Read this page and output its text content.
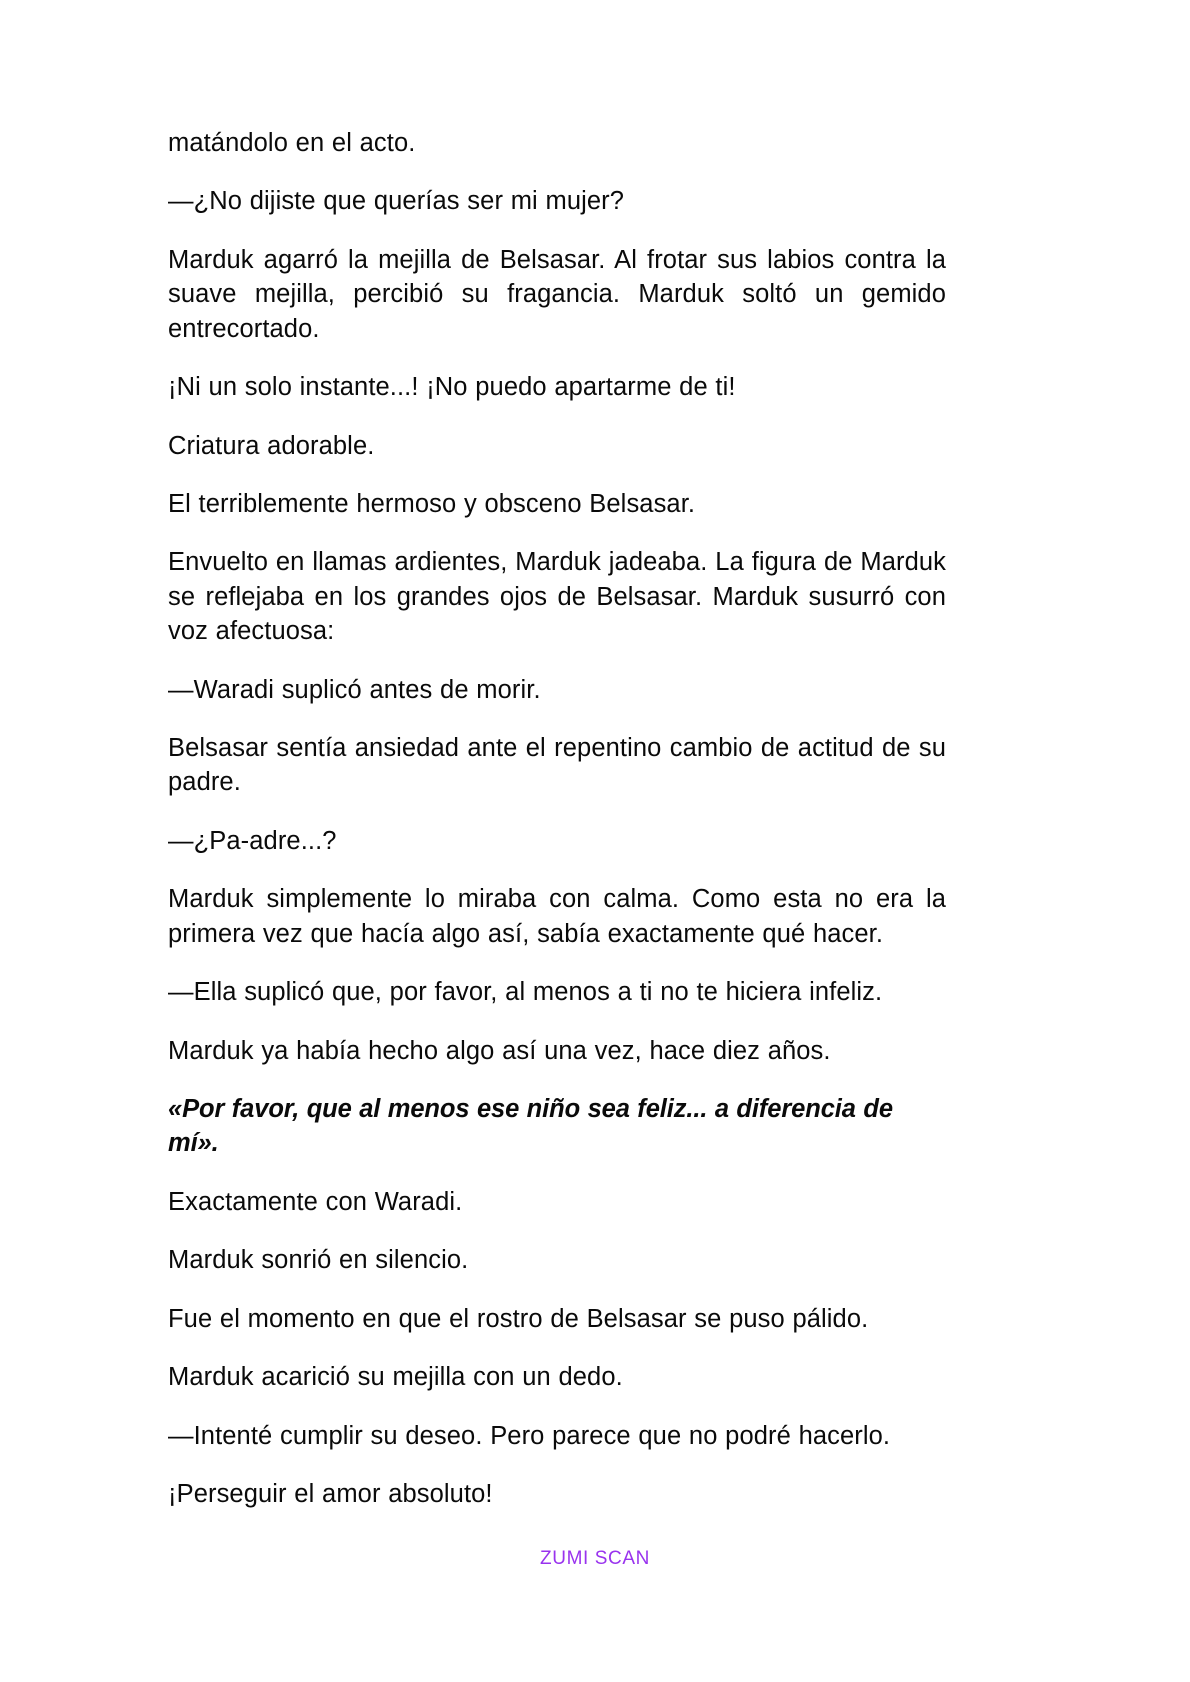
matándolo en el acto.

—¿No dijiste que querías ser mi mujer?

Marduk agarró la mejilla de Belsasar. Al frotar sus labios contra la suave mejilla, percibió su fragancia. Marduk soltó un gemido entrecortado.

¡Ni un solo instante...! ¡No puedo apartarme de ti!

Criatura adorable.

El terriblemente hermoso y obsceno Belsasar.

Envuelto en llamas ardientes, Marduk jadeaba. La figura de Marduk se reflejaba en los grandes ojos de Belsasar. Marduk susurró con voz afectuosa:

—Waradi suplicó antes de morir.

Belsasar sentía ansiedad ante el repentino cambio de actitud de su padre.

—¿Pa-adre...?

Marduk simplemente lo miraba con calma. Como esta no era la primera vez que hacía algo así, sabía exactamente qué hacer.

—Ella suplicó que, por favor, al menos a ti no te hiciera infeliz.

Marduk ya había hecho algo así una vez, hace diez años.

«Por favor, que al menos ese niño sea feliz... a diferencia de mí».

Exactamente con Waradi.

Marduk sonrió en silencio.

Fue el momento en que el rostro de Belsasar se puso pálido.

Marduk acarició su mejilla con un dedo.

—Intenté cumplir su deseo. Pero parece que no podré hacerlo.

¡Perseguir el amor absoluto!

ZUMI SCAN
